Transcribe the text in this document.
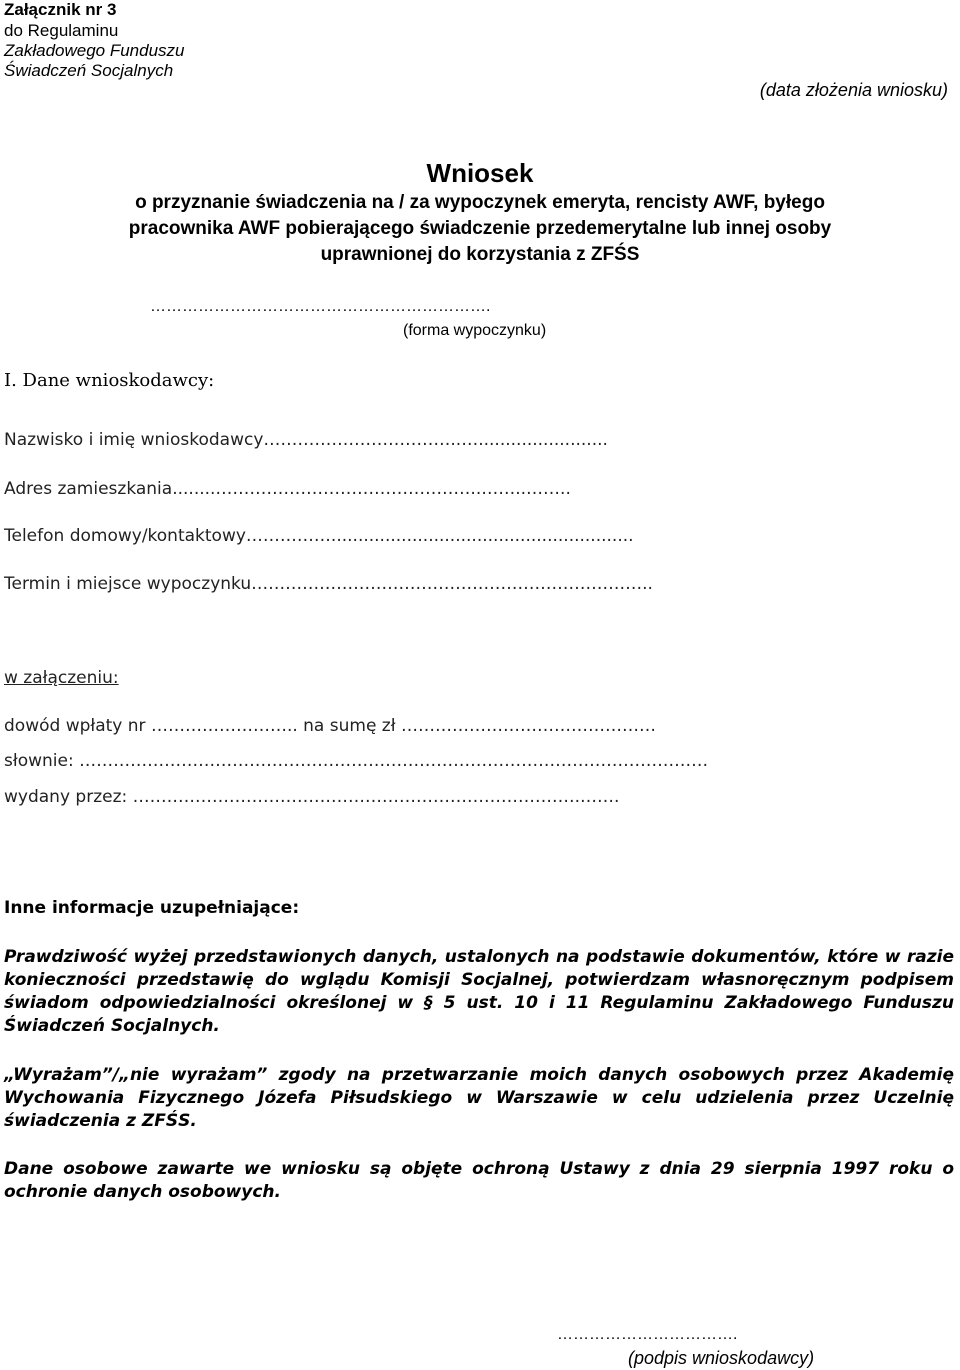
Załącznik nr 3
do Regulaminu
Zakładowego Funduszu
Świadczeń Socjalnych
(data złożenia wniosku)
Wniosek
o przyznanie świadczenia na / za wypoczynek emeryta, rencisty AWF, byłego
pracownika AWF pobierającego świadczenie przedemerytalne lub innej osoby
uprawnionej do korzystania z ZFŚS
……………………………………………………….
(forma wypoczynku)
I. Dane wnioskodawcy:
Nazwisko i imię wnioskodawcy……………………………..…........................
Adres zamieszkania........………………………………………..……..……..
Telefon domowy/kontaktowy……………........................................................
Termin i miejsce wypoczynku……………………………………………………………..
w załączeniu:
dowód wpłaty nr …………………….. na sumę zł ………………………………………
słownie: …………………………………………………………………………………………………
wydany przez: …………………………………………………………………….…….
Inne informacje uzupełniające:
Prawdziwość wyżej przedstawionych danych, ustalonych na podstawie dokumentów, które w razie konieczności przedstawię do wglądu Komisji Socjalnej, potwierdzam własnoręcznym podpisem świadom odpowiedzialności określonej w § 5 ust. 10 i 11 Regulaminu Zakładowego Funduszu Świadczeń Socjalnych.
„Wyrażam”/„nie wyrażam” zgody na przetwarzanie moich danych osobowych przez Akademię Wychowania Fizycznego Józefa Piłsudskiego w Warszawie w celu udzielenia przez Uczelnię świadczenia z ZFŚS.
Dane osobowe zawarte we wniosku są objęte ochroną Ustawy z dnia 29 sierpnia 1997 roku o ochronie danych osobowych.
…………………………….
(podpis wnioskodawcy)
